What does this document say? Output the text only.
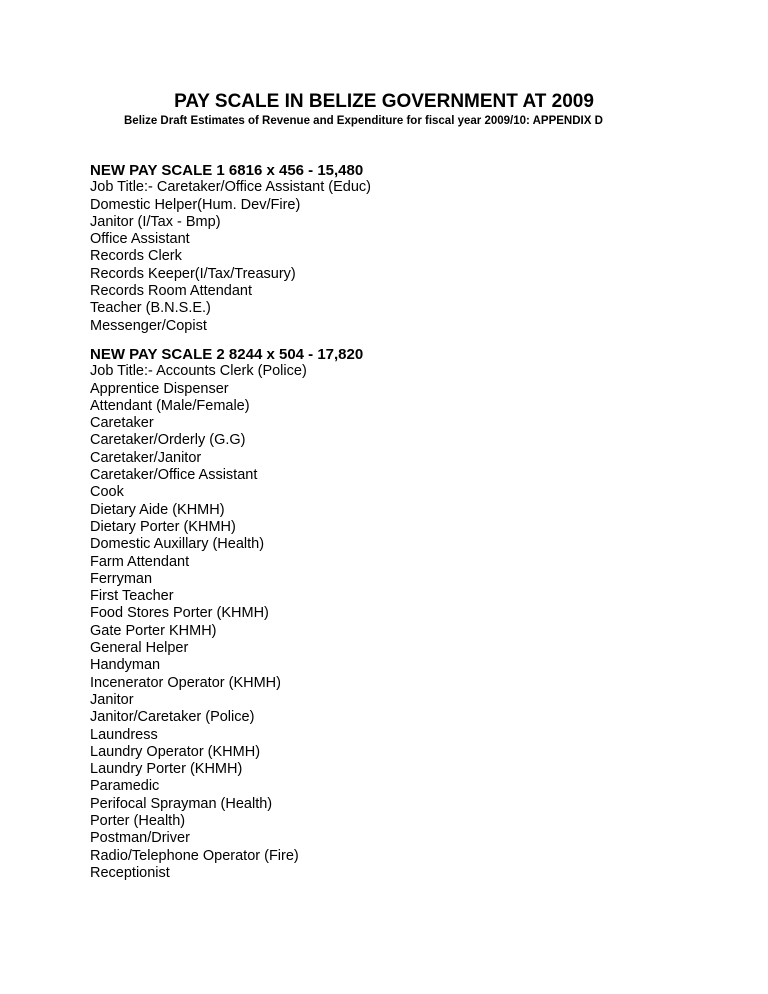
PAY SCALE IN BELIZE GOVERNMENT AT 2009

Belize Draft Estimates of Revenue and Expenditure for fiscal year 2009/10: APPENDIX D

NEW PAY SCALE 1 6816 x 456 - 15,480

Job Title:- Caretaker/Office Assistant (Educ)
Domestic Helper(Hum. Dev/Fire)
Janitor (I/Tax - Bmp)
Office Assistant
Records Clerk
Records Keeper(I/Tax/Treasury)
Records Room Attendant
Teacher (B.N.S.E.)
Messenger/Copist

NEW PAY SCALE 2 8244 x 504 - 17,820

Job Title:- Accounts Clerk (Police)
Apprentice Dispenser
Attendant (Male/Female)
Caretaker
Caretaker/Orderly (G.G)
Caretaker/Janitor
Caretaker/Office Assistant
Cook
Dietary Aide (KHMH)
Dietary Porter (KHMH)
Domestic Auxillary (Health)
Farm Attendant
Ferryman
First Teacher
Food Stores Porter (KHMH)
Gate Porter KHMH)
General Helper
Handyman
Incenerator Operator (KHMH)
Janitor
Janitor/Caretaker (Police)
Laundress
Laundry Operator (KHMH)
Laundry Porter (KHMH)
Paramedic
Perifocal Sprayman (Health)
Porter (Health)
Postman/Driver
Radio/Telephone Operator (Fire)
Receptionist
